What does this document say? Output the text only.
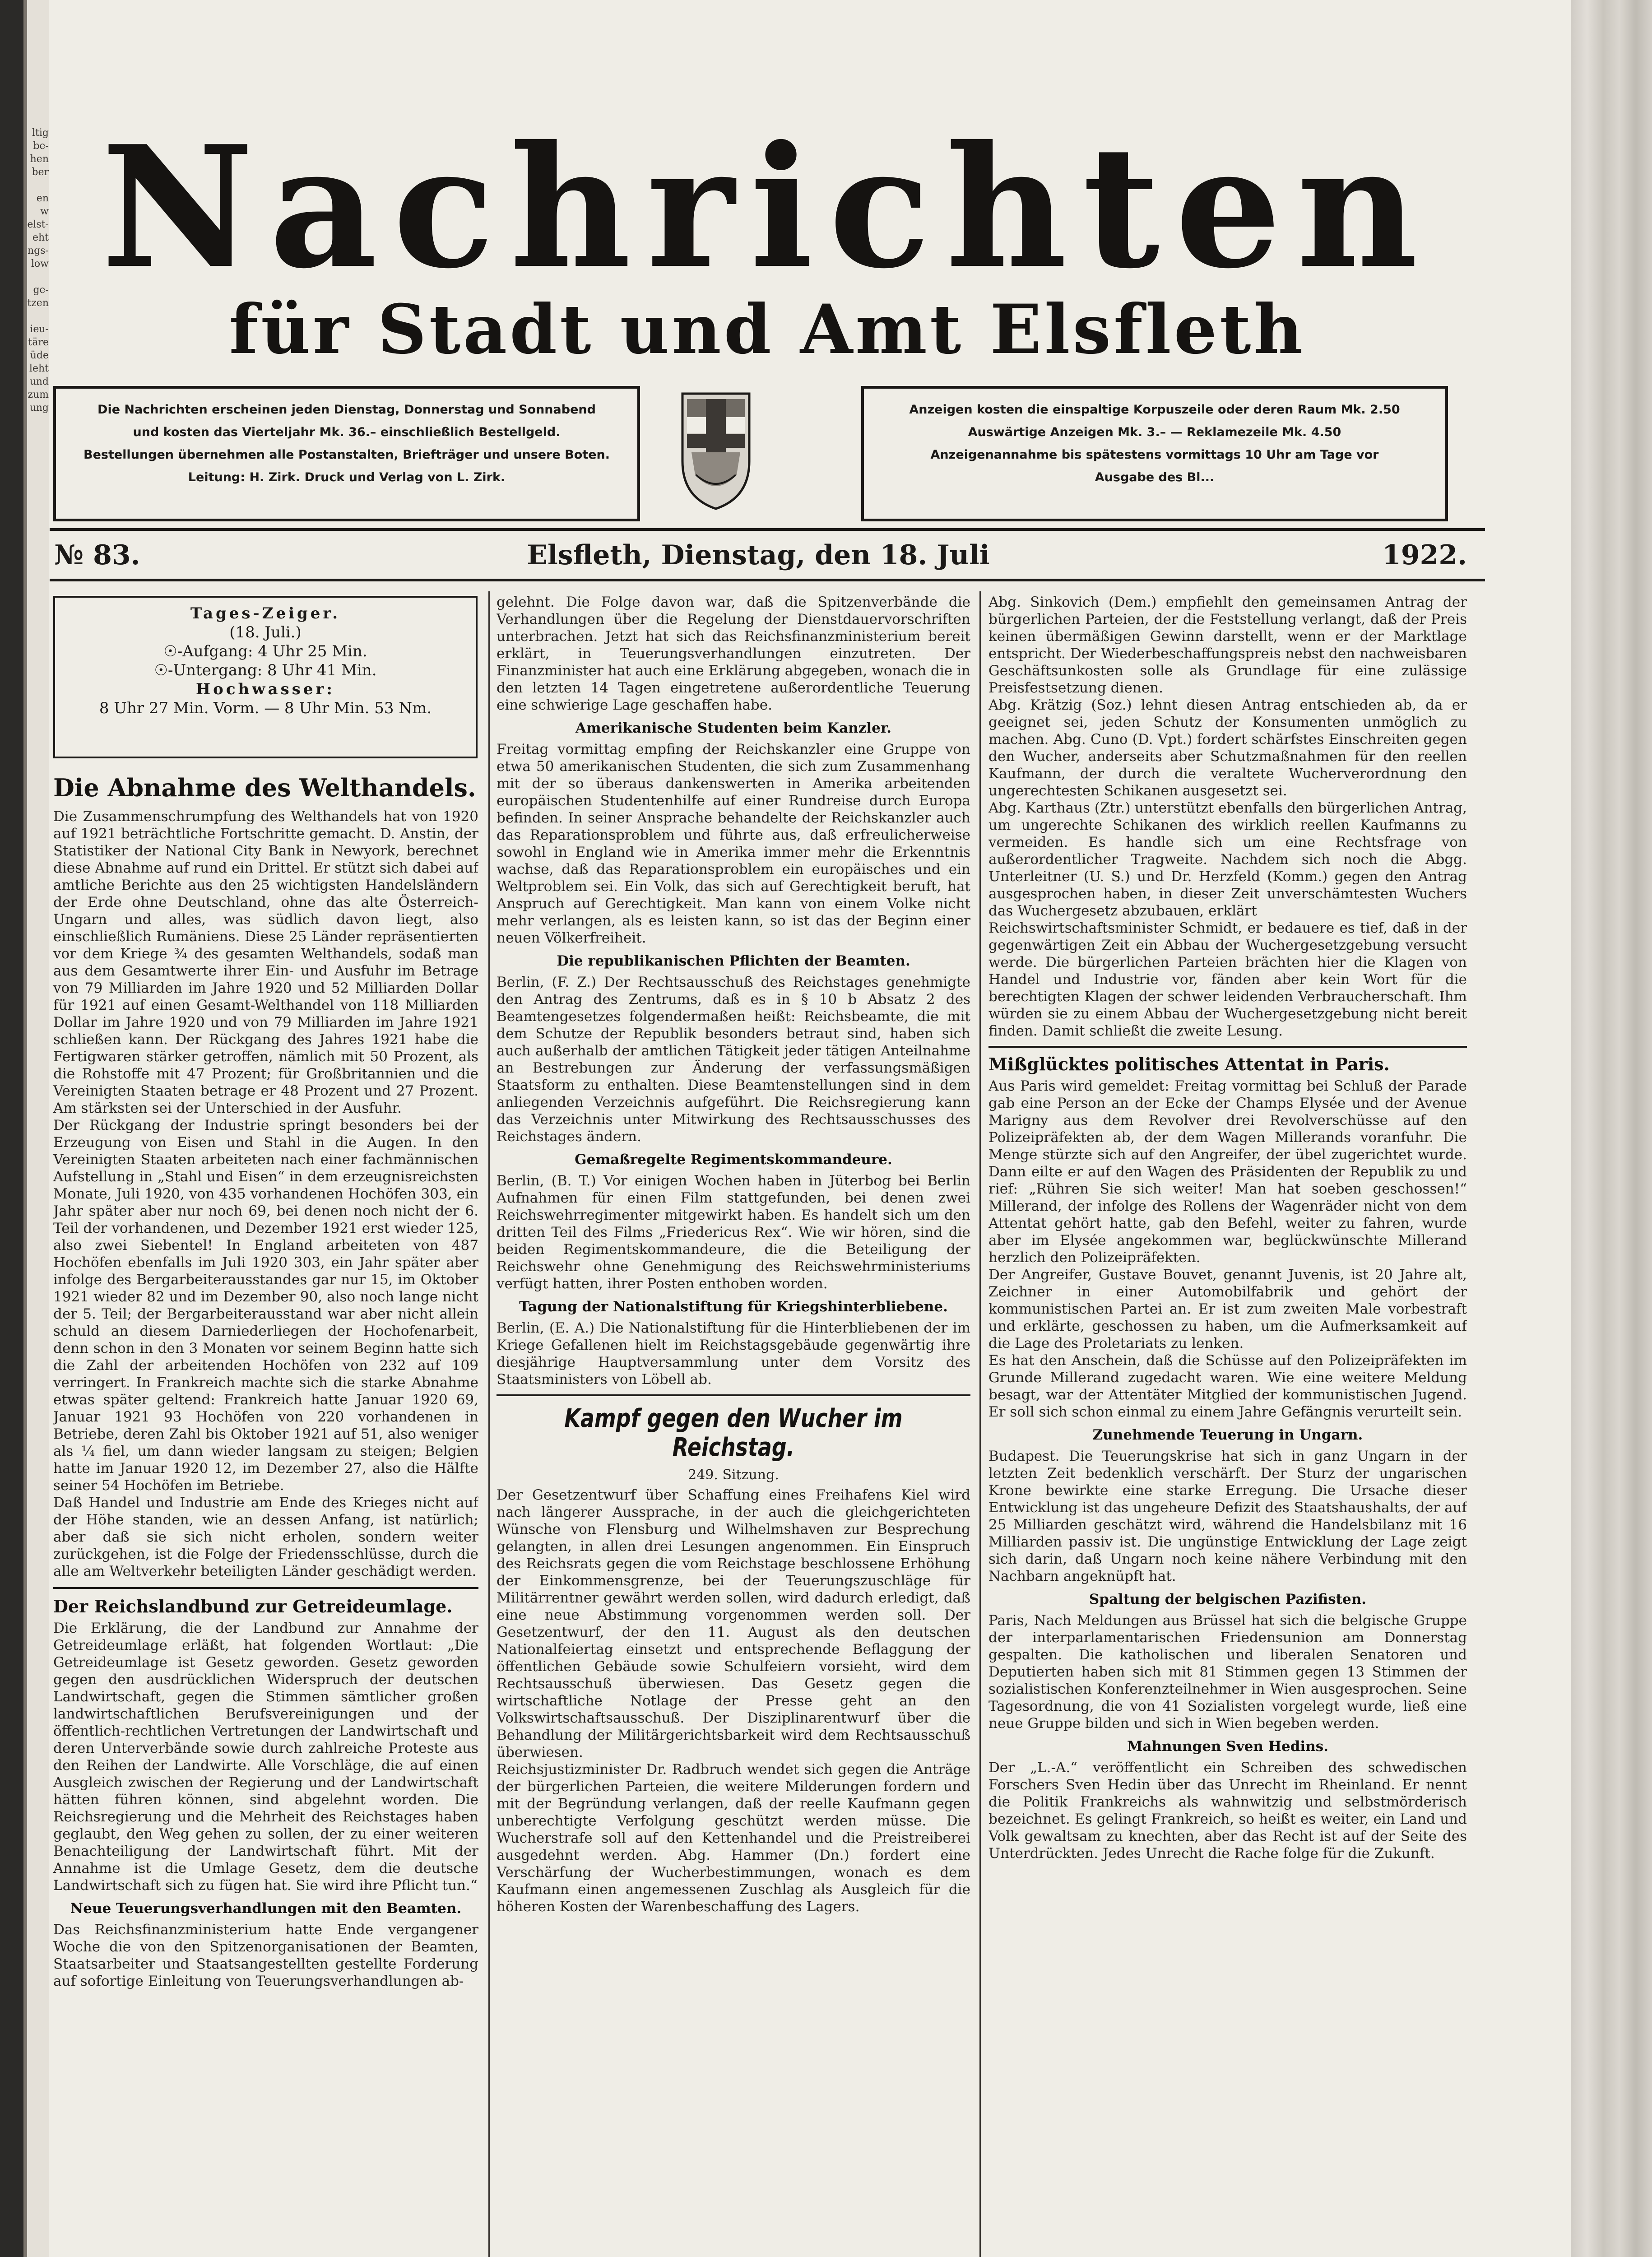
ltig
be-
hen
ber

en
w
elst-
eht
ngs-
low

ge-
tzen

ieu-
täre
üde
leht
und
zum
ung
Nachrichten
für Stadt und Amt Elsfleth
Die Nachrichten erscheinen jeden Dienstag, Donnerstag und Sonnabend
und kosten das Vierteljahr Mk. 36.– einschließlich Bestellgeld.
Bestellungen übernehmen alle Postanstalten, Briefträger und unsere Boten.
Leitung: H. Zirk. Druck und Verlag von L. Zirk.
Anzeigen kosten die einspaltige Korpuszeile oder deren Raum Mk. 2.50
Auswärtige Anzeigen Mk. 3.– — Reklamezeile Mk. 4.50
Anzeigenannahme bis spätestens vormittags 10 Uhr am Tage vor
Ausgabe des Bl...
№ 83.	Elsfleth, Dienstag, den 18. Juli	1922.
Tages-Zeiger.
(18. Juli.)
☉-Aufgang: 4 Uhr 25 Min.
☉-Untergang: 8 Uhr 41 Min.
Hochwasser:
8 Uhr 27 Min. Vorm. — 8 Uhr Min. 53 Nm.
Die Abnahme des Welthandels.

Die Zusammenschrumpfung des Welthandels hat von 1920 auf 1921 beträchtliche Fortschritte gemacht. D. Anstin, der Statistiker der National City Bank in Newyork, berechnet diese Abnahme auf rund ein Drittel. Er stützt sich dabei auf amtliche Berichte aus den 25 wichtigsten Handelsländern der Erde ohne Deutschland, ohne das alte Österreich-Ungarn und alles, was südlich davon liegt, also einschließlich Rumäniens. Diese 25 Länder repräsentierten vor dem Kriege ¾ des gesamten Welthandels, sodaß man aus dem Gesamtwerte ihrer Ein- und Ausfuhr im Betrage von 79 Milliarden im Jahre 1920 und 52 Milliarden Dollar für 1921 auf einen Gesamt-Welthandel von 118 Milliarden Dollar im Jahre 1920 und von 79 Milliarden im Jahre 1921 schließen kann. Der Rückgang des Jahres 1921 habe die Fertigwaren stärker getroffen, nämlich mit 50 Prozent, als die Rohstoffe mit 47 Prozent; für Großbritannien und die Vereinigten Staaten betrage er 48 Prozent und 27 Prozent. Am stärksten sei der Unterschied in der Ausfuhr.

Der Rückgang der Industrie springt besonders bei der Erzeugung von Eisen und Stahl in die Augen. In den Vereinigten Staaten arbeiteten nach einer fachmännischen Aufstellung in „Stahl und Eisen“ in dem erzeugnisreichsten Monate, Juli 1920, von 435 vorhandenen Hochöfen 303, ein Jahr später aber nur noch 69, bei denen noch nicht der 6. Teil der vorhandenen, und Dezember 1921 erst wieder 125, also zwei Siebentel! In England arbeiteten von 487 Hochöfen ebenfalls im Juli 1920 303, ein Jahr später aber infolge des Bergarbeiterausstandes gar nur 15, im Oktober 1921 wieder 82 und im Dezember 90, also noch lange nicht der 5. Teil; der Bergarbeiterausstand war aber nicht allein schuld an diesem Darniederliegen der Hochofenarbeit, denn schon in den 3 Monaten vor seinem Beginn hatte sich die Zahl der arbeitenden Hochöfen von 232 auf 109 verringert. In Frankreich machte sich die starke Abnahme etwas später geltend: Frankreich hatte Januar 1920 69, Januar 1921 93 Hochöfen von 220 vorhandenen in Betriebe, deren Zahl bis Oktober 1921 auf 51, also weniger als ¼ fiel, um dann wieder langsam zu steigen; Belgien hatte im Januar 1920 12, im Dezember 27, also die Hälfte seiner 54 Hochöfen im Betriebe.

Daß Handel und Industrie am Ende des Krieges nicht auf der Höhe standen, wie an dessen Anfang, ist natürlich; aber daß sie sich nicht erholen, sondern weiter zurückgehen, ist die Folge der Friedensschlüsse, durch die alle am Weltverkehr beteiligten Länder geschädigt werden.

Der Reichslandbund zur Getreideumlage.

Die Erklärung, die der Landbund zur Annahme der Getreideumlage erläßt, hat folgenden Wortlaut: „Die Getreideumlage ist Gesetz geworden. Gesetz geworden gegen den ausdrücklichen Widerspruch der deutschen Landwirtschaft, gegen die Stimmen sämtlicher großen landwirtschaftlichen Berufsvereinigungen und der öffentlich-rechtlichen Vertretungen der Landwirtschaft und deren Unterverbände sowie durch zahlreiche Proteste aus den Reihen der Landwirte. Alle Vorschläge, die auf einen Ausgleich zwischen der Regierung und der Landwirtschaft hätten führen können, sind abgelehnt worden. Die Reichsregierung und die Mehrheit des Reichstages haben geglaubt, den Weg gehen zu sollen, der zu einer weiteren Benachteiligung der Landwirtschaft führt. Mit der Annahme ist die Umlage Gesetz, dem die deutsche Landwirtschaft sich zu fügen hat. Sie wird ihre Pflicht tun.“

Neue Teuerungsverhandlungen mit den Beamten.

Das Reichsfinanzministerium hatte Ende vergangener Woche die von den Spitzenorganisationen der Beamten, Staatsarbeiter und Staatsangestellten gestellte Forderung auf sofortige Einleitung von Teuerungsverhandlungen ab-

gelehnt. Die Folge davon war, daß die Spitzenverbände die Verhandlungen über die Regelung der Dienstdauervorschriften unterbrachen. Jetzt hat sich das Reichsfinanzministerium bereit erklärt, in Teuerungsverhandlungen einzutreten. Der Finanzminister hat auch eine Erklärung abgegeben, wonach die in den letzten 14 Tagen eingetretene außerordentliche Teuerung eine schwierige Lage geschaffen habe.

Amerikanische Studenten beim Kanzler.

Freitag vormittag empfing der Reichskanzler eine Gruppe von etwa 50 amerikanischen Studenten, die sich zum Zusammenhang mit der so überaus dankenswerten in Amerika arbeitenden europäischen Studentenhilfe auf einer Rundreise durch Europa befinden. In seiner Ansprache behandelte der Reichskanzler auch das Reparationsproblem und führte aus, daß erfreulicherweise sowohl in England wie in Amerika immer mehr die Erkenntnis wachse, daß das Reparationsproblem ein europäisches und ein Weltproblem sei. Ein Volk, das sich auf Gerechtigkeit beruft, hat Anspruch auf Gerechtigkeit. Man kann von einem Volke nicht mehr verlangen, als es leisten kann, so ist das der Beginn einer neuen Völkerfreiheit.

Die republikanischen Pflichten der Beamten.

Berlin, (F. Z.) Der Rechtsausschuß des Reichstages genehmigte den Antrag des Zentrums, daß es in § 10 b Absatz 2 des Beamtengesetzes folgendermaßen heißt: Reichsbeamte, die mit dem Schutze der Republik besonders betraut sind, haben sich auch außerhalb der amtlichen Tätigkeit jeder tätigen Anteilnahme an Bestrebungen zur Änderung der verfassungsmäßigen Staatsform zu enthalten. Diese Beamtenstellungen sind in dem anliegenden Verzeichnis aufgeführt. Die Reichsregierung kann das Verzeichnis unter Mitwirkung des Rechtsausschusses des Reichstages ändern.

Gemaßregelte Regimentskommandeure.

Berlin, (B. T.) Vor einigen Wochen haben in Jüterbog bei Berlin Aufnahmen für einen Film stattgefunden, bei denen zwei Reichswehrregimenter mitgewirkt haben. Es handelt sich um den dritten Teil des Films „Friedericus Rex“. Wie wir hören, sind die beiden Regimentskommandeure, die die Beteiligung der Reichswehr ohne Genehmigung des Reichswehrministeriums verfügt hatten, ihrer Posten enthoben worden.

Tagung der Nationalstiftung für Kriegshinterbliebene.

Berlin, (E. A.) Die Nationalstiftung für die Hinterbliebenen der im Kriege Gefallenen hielt im Reichstagsgebäude gegenwärtig ihre diesjährige Hauptversammlung unter dem Vorsitz des Staatsministers von Löbell ab.

Kampf gegen den Wucher im Reichstag.
249. Sitzung.

Der Gesetzentwurf über Schaffung eines Freihafens Kiel wird nach längerer Aussprache, in der auch die gleichgerichteten Wünsche von Flensburg und Wilhelmshaven zur Besprechung gelangten, in allen drei Lesungen angenommen. Ein Einspruch des Reichsrats gegen die vom Reichstage beschlossene Erhöhung der Einkommensgrenze, bei der Teuerungszuschläge für Militärrentner gewährt werden sollen, wird dadurch erledigt, daß eine neue Abstimmung vorgenommen werden soll. Der Gesetzentwurf, der den 11. August als den deutschen Nationalfeiertag einsetzt und entsprechende Beflaggung der öffentlichen Gebäude sowie Schulfeiern vorsieht, wird dem Rechtsausschuß überwiesen. Das Gesetz gegen die wirtschaftliche Notlage der Presse geht an den Volkswirtschaftsausschuß. Der Disziplinarentwurf über die Behandlung der Militärgerichtsbarkeit wird dem Rechtsausschuß überwiesen.

Reichsjustizminister Dr. Radbruch wendet sich gegen die Anträge der bürgerlichen Parteien, die weitere Milderungen fordern und mit der Begründung verlangen, daß der reelle Kaufmann gegen unberechtigte Verfolgung geschützt werden müsse. Die Wucherstrafe soll auf den Kettenhandel und die Preistreiberei ausgedehnt werden. Abg. Hammer (Dn.) fordert eine Verschärfung der Wucherbestimmungen, wonach es dem Kaufmann einen angemessenen Zuschlag als Ausgleich für die höheren Kosten der Warenbeschaffung des Lagers.

Abg. Sinkovich (Dem.) empfiehlt den gemeinsamen Antrag der bürgerlichen Parteien, der die Feststellung verlangt, daß der Preis keinen übermäßigen Gewinn darstellt, wenn er der Marktlage entspricht. Der Wiederbeschaffungspreis nebst den nachweisbaren Geschäftsunkosten solle als Grundlage für eine zulässige Preisfestsetzung dienen.

Abg. Krätzig (Soz.) lehnt diesen Antrag entschieden ab, da er geeignet sei, jeden Schutz der Konsumenten unmöglich zu machen. Abg. Cuno (D. Vpt.) fordert schärfstes Einschreiten gegen den Wucher, anderseits aber Schutzmaßnahmen für den reellen Kaufmann, der durch die veraltete Wucherverordnung den ungerechtesten Schikanen ausgesetzt sei.

Abg. Karthaus (Ztr.) unterstützt ebenfalls den bürgerlichen Antrag, um ungerechte Schikanen des wirklich reellen Kaufmanns zu vermeiden. Es handle sich um eine Rechtsfrage von außerordentlicher Tragweite. Nachdem sich noch die Abgg. Unterleitner (U. S.) und Dr. Herzfeld (Komm.) gegen den Antrag ausgesprochen haben, in dieser Zeit unverschämtesten Wuchers das Wuchergesetz abzubauen, erklärt

Reichswirtschaftsminister Schmidt, er bedauere es tief, daß in der gegenwärtigen Zeit ein Abbau der Wuchergesetzgebung versucht werde. Die bürgerlichen Parteien brächten hier die Klagen von Handel und Industrie vor, fänden aber kein Wort für die berechtigten Klagen der schwer leidenden Verbraucherschaft. Ihm würden sie zu einem Abbau der Wuchergesetzgebung nicht bereit finden. Damit schließt die zweite Lesung.

Mißglücktes politisches Attentat in Paris.

Aus Paris wird gemeldet: Freitag vormittag bei Schluß der Parade gab eine Person an der Ecke der Champs Elysée und der Avenue Marigny aus dem Revolver drei Revolverschüsse auf den Polizeipräfekten ab, der dem Wagen Millerands voranfuhr. Die Menge stürzte sich auf den Angreifer, der übel zugerichtet wurde. Dann eilte er auf den Wagen des Präsidenten der Republik zu und rief: „Rühren Sie sich weiter! Man hat soeben geschossen!“ Millerand, der infolge des Rollens der Wagenräder nicht von dem Attentat gehört hatte, gab den Befehl, weiter zu fahren, wurde aber im Elysée angekommen war, beglückwünschte Millerand herzlich den Polizeipräfekten.

Der Angreifer, Gustave Bouvet, genannt Juvenis, ist 20 Jahre alt, Zeichner in einer Automobilfabrik und gehört der kommunistischen Partei an. Er ist zum zweiten Male vorbestraft und erklärte, geschossen zu haben, um die Aufmerksamkeit auf die Lage des Proletariats zu lenken.

Es hat den Anschein, daß die Schüsse auf den Polizeipräfekten im Grunde Millerand zugedacht waren. Wie eine weitere Meldung besagt, war der Attentäter Mitglied der kommunistischen Jugend. Er soll sich schon einmal zu einem Jahre Gefängnis verurteilt sein.

Zunehmende Teuerung in Ungarn.

Budapest. Die Teuerungskrise hat sich in ganz Ungarn in der letzten Zeit bedenklich verschärft. Der Sturz der ungarischen Krone bewirkte eine starke Erregung. Die Ursache dieser Entwicklung ist das ungeheure Defizit des Staatshaushalts, der auf 25 Milliarden geschätzt wird, während die Handelsbilanz mit 16 Milliarden passiv ist. Die ungünstige Entwicklung der Lage zeigt sich darin, daß Ungarn noch keine nähere Verbindung mit den Nachbarn angeknüpft hat.

Spaltung der belgischen Pazifisten.

Paris, Nach Meldungen aus Brüssel hat sich die belgische Gruppe der interparlamentarischen Friedensunion am Donnerstag gespalten. Die katholischen und liberalen Senatoren und Deputierten haben sich mit 81 Stimmen gegen 13 Stimmen der sozialistischen Konferenzteilnehmer in Wien ausgesprochen. Seine Tagesordnung, die von 41 Sozialisten vorgelegt wurde, ließ eine neue Gruppe bilden und sich in Wien begeben werden.

Mahnungen Sven Hedins.

Der „L.-A.“ veröffentlicht ein Schreiben des schwedischen Forschers Sven Hedin über das Unrecht im Rheinland. Er nennt die Politik Frankreichs als wahnwitzig und selbstmörderisch bezeichnet. Es gelingt Frankreich, so heißt es weiter, ein Land und Volk gewaltsam zu knechten, aber das Recht ist auf der Seite des Unterdrückten. Jedes Unrecht die Rache folge für die Zukunft.
